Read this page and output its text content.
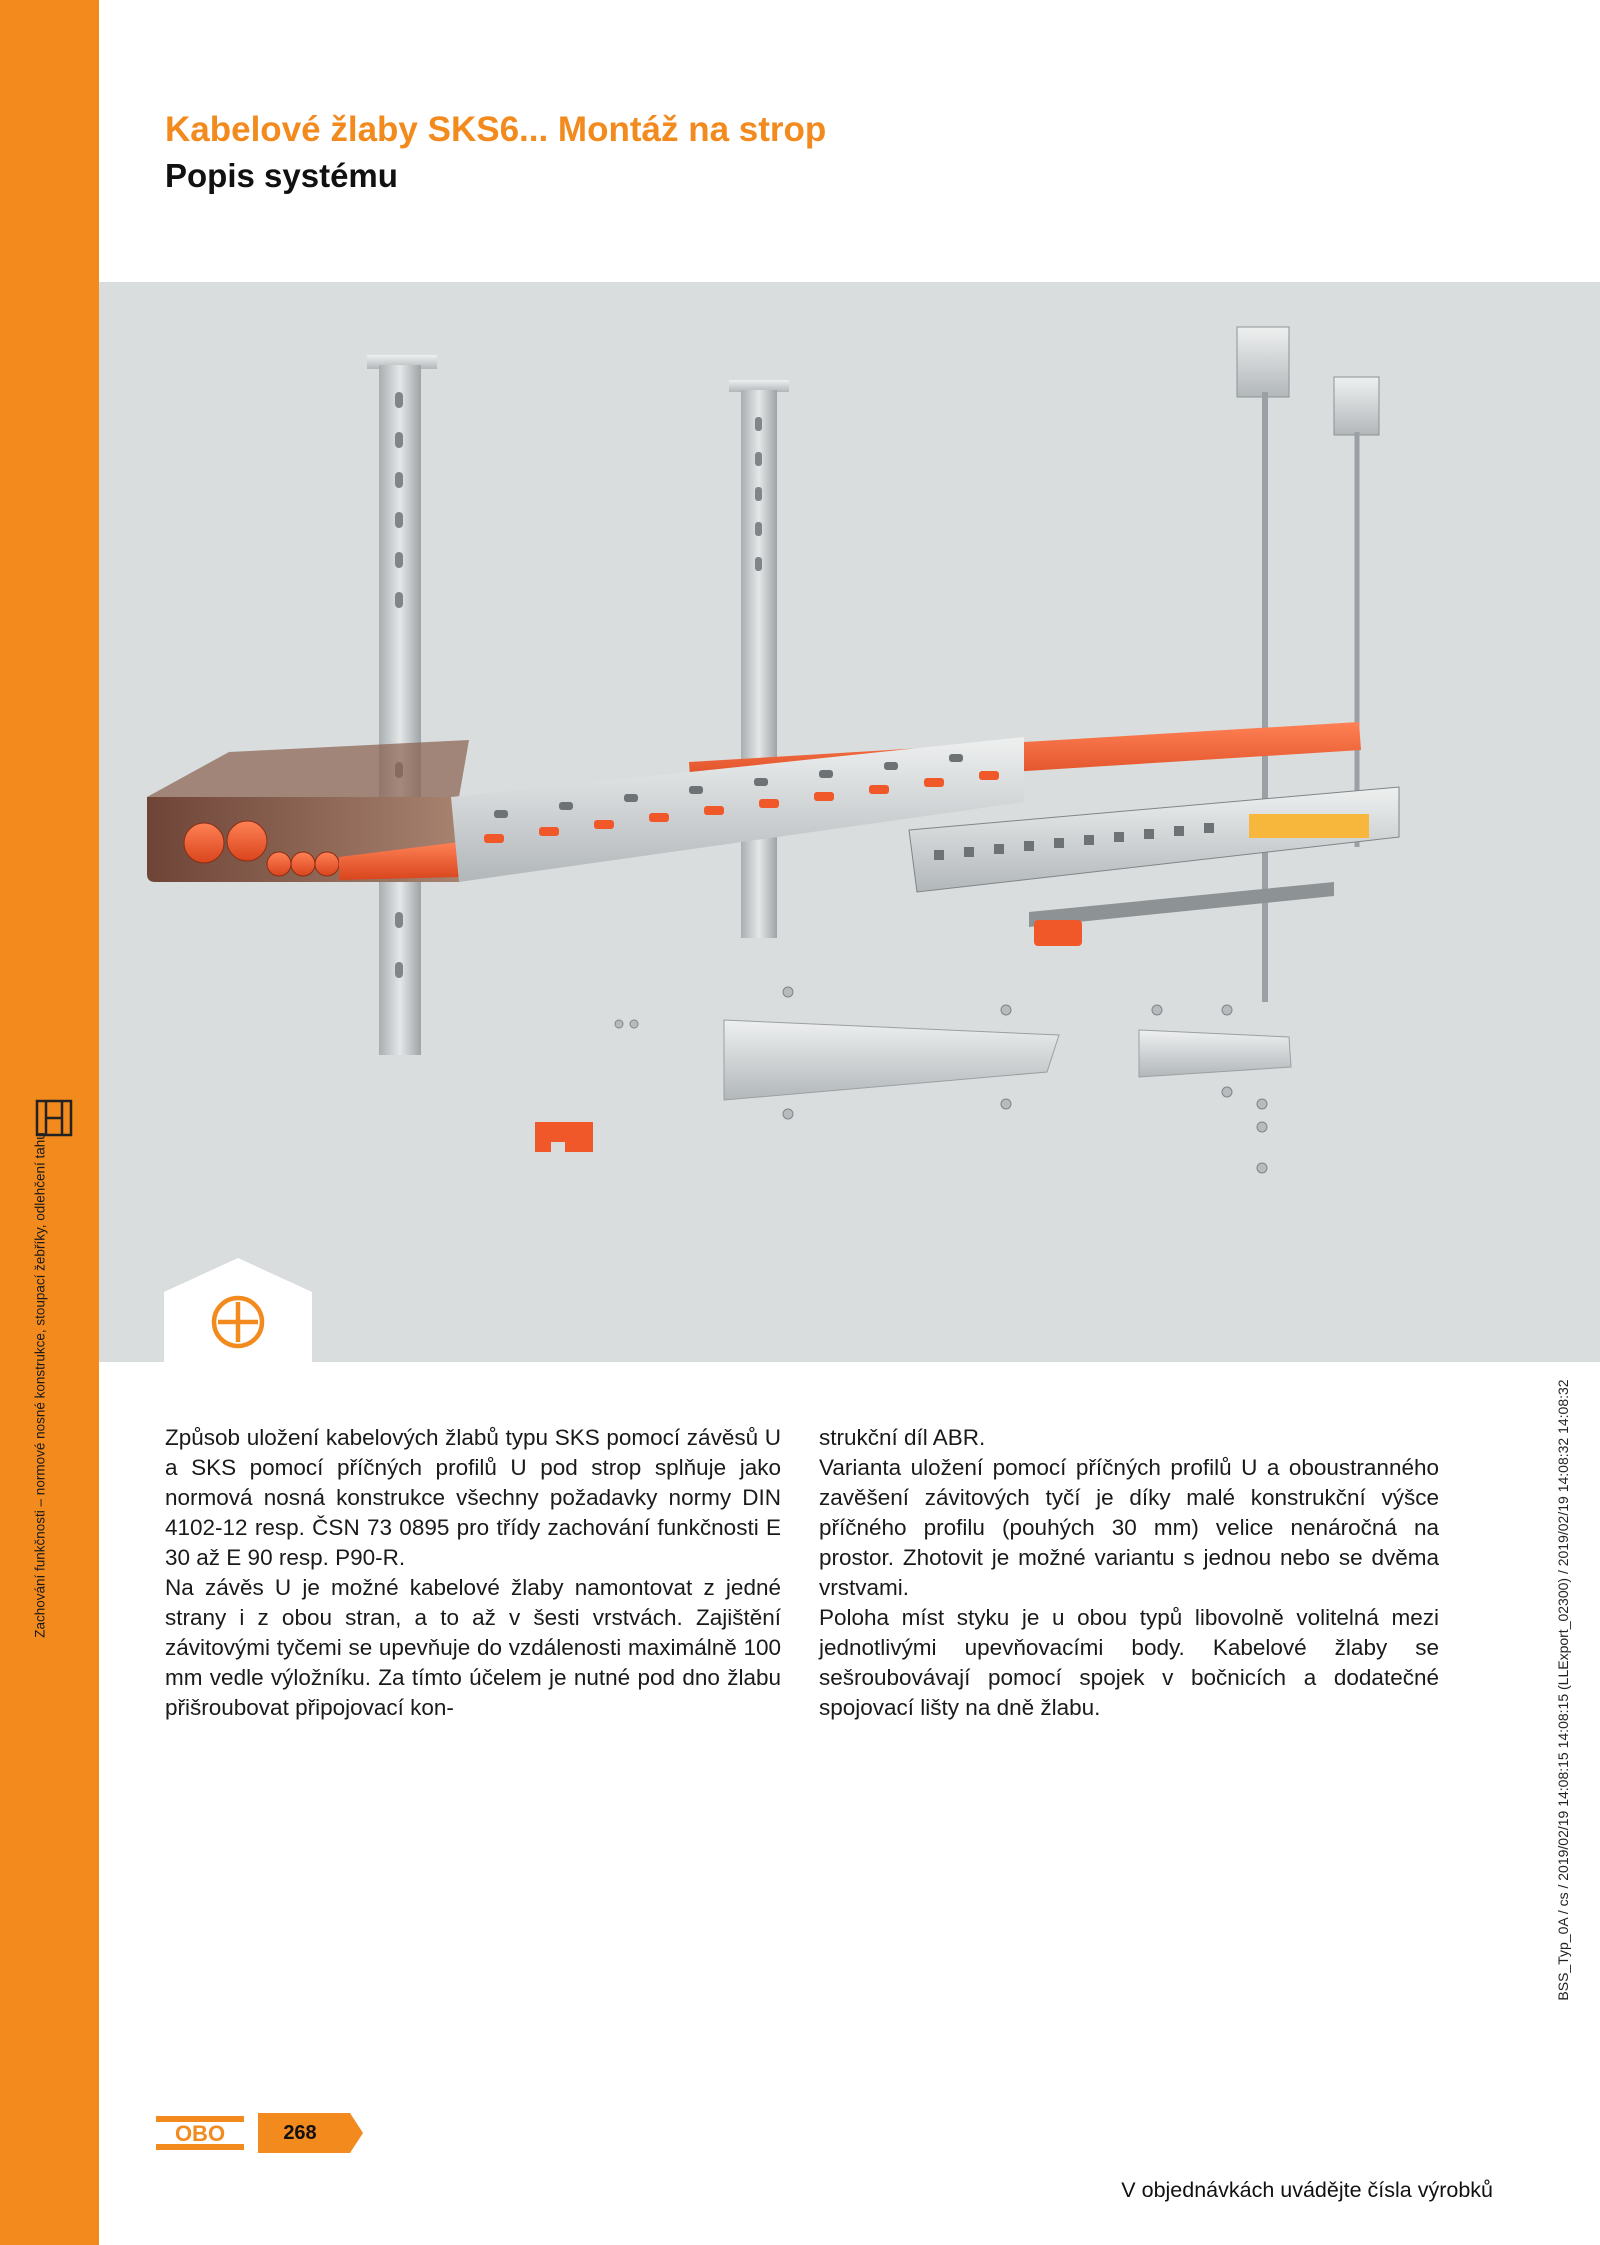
Zachování funkčnosti – normové nosné konstrukce, stoupací žebříky, odlehčení tahu
Kabelové žlaby SKS6... Montáž na strop
Popis systému

Způsob uložení kabelových žlabů typu SKS pomocí závěsů U a SKS pomocí příčných profilů U pod strop splňuje jako normová nosná konstrukce všechny požadavky normy DIN 4102-12 resp. ČSN 73 0895 pro třídy zachování funkčnosti E 30 až E 90 resp. P90-R.

Na závěs U je možné kabelové žlaby namontovat z jedné strany i z obou stran, a to až v šesti vrstvách. Zajištění závitovými tyčemi se upevňuje do vzdálenosti maximálně 100 mm vedle výložníku. Za tímto účelem je nutné pod dno žlabu přišroubovat připojovací kon-

strukční díl ABR.

Varianta uložení pomocí příčných profilů U a oboustranného zavěšení závitových tyčí je díky malé konstrukční výšce příčného profilu (pouhých 30 mm) velice nenáročná na prostor. Zhotovit je možné variantu s jednou nebo se dvěma vrstvami.

Poloha míst styku je u obou typů libovolně volitelná mezi jednotlivými upevňovacími body. Kabelové žlaby se sešroubovávají pomocí spojek v bočnicích a dodatečné spojovací lišty na dně žlabu.	BSS_Typ_0A / cs / 2019/02/19 14:08:15 14:08:15 (LLExport_02300) / 2019/02/19 14:08:32 14:08:32
OBO	268
V objednávkách uvádějte čísla výrobků
